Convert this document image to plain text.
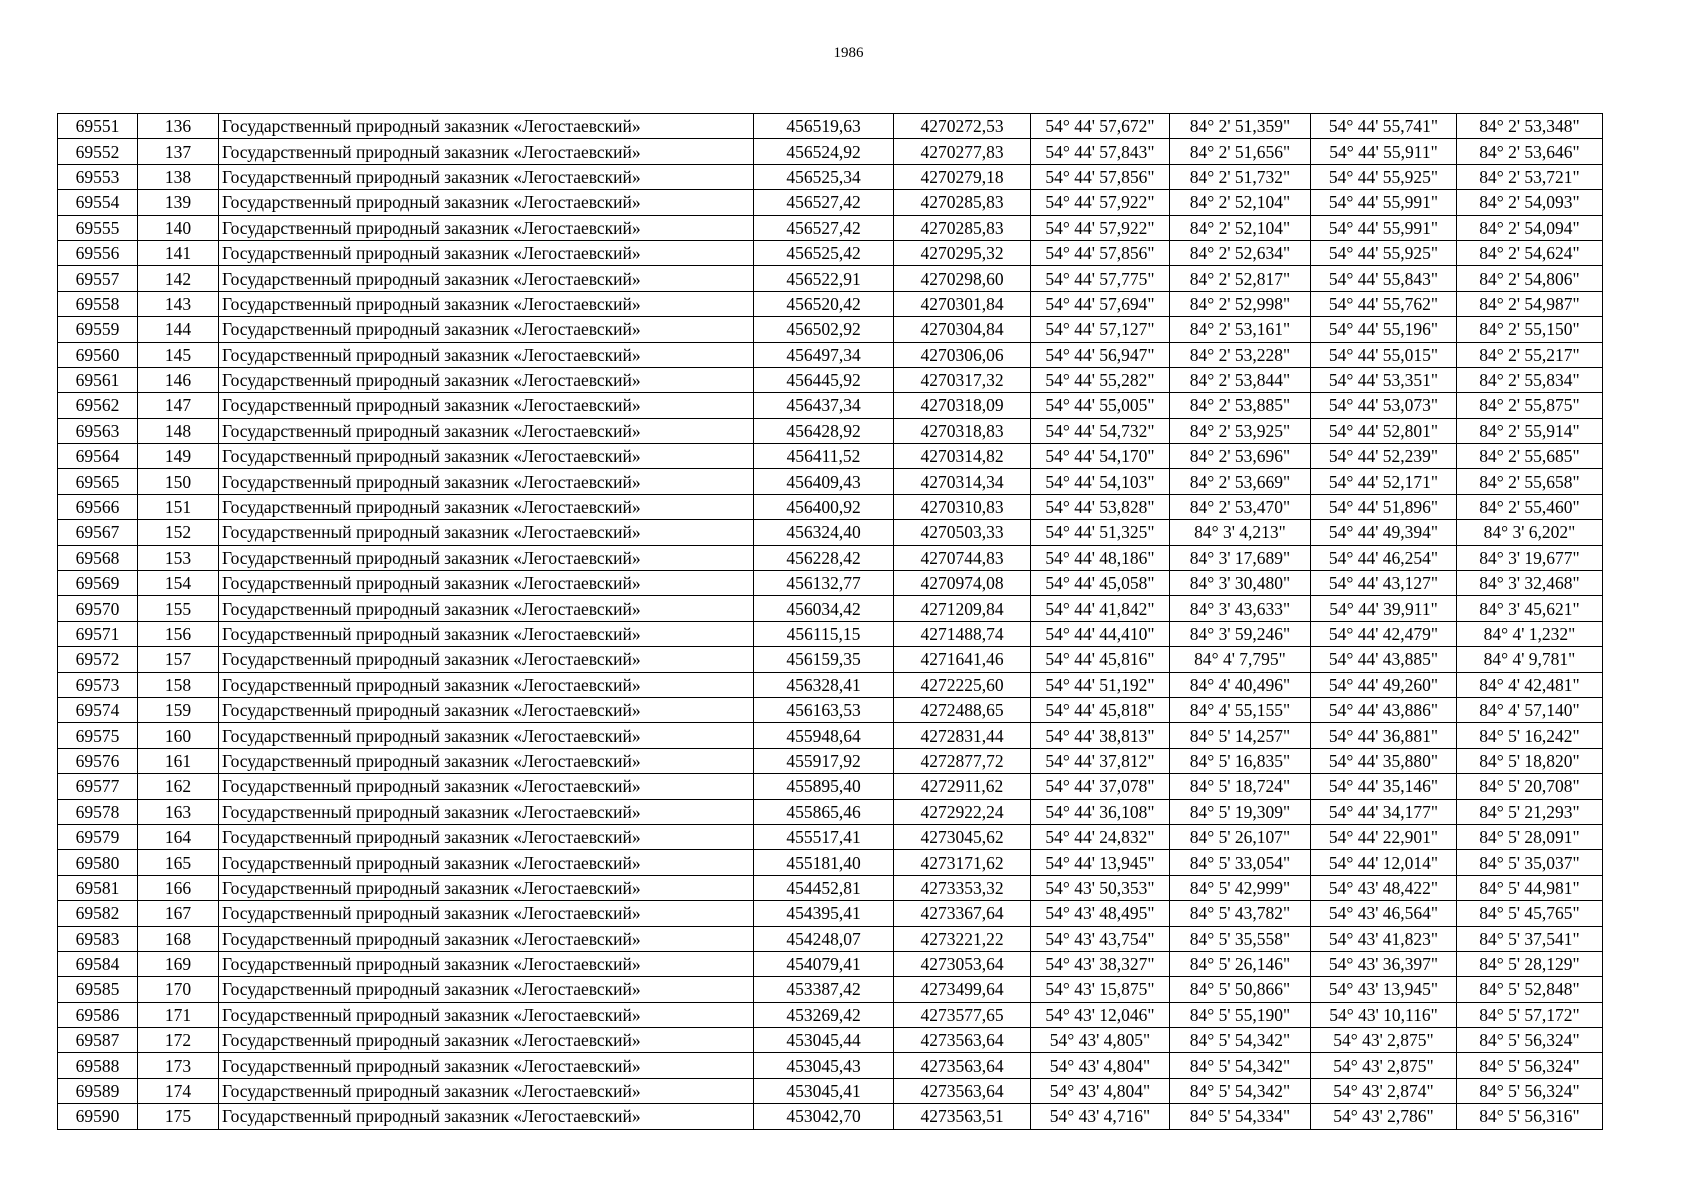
1986
69551	136	Государственный природный заказник «Легостаевский»	456519,63	4270272,53	54° 44' 57,672"	84° 2' 51,359"	54° 44' 55,741"	84° 2' 53,348"
69552	137	Государственный природный заказник «Легостаевский»	456524,92	4270277,83	54° 44' 57,843"	84° 2' 51,656"	54° 44' 55,911"	84° 2' 53,646"
69553	138	Государственный природный заказник «Легостаевский»	456525,34	4270279,18	54° 44' 57,856"	84° 2' 51,732"	54° 44' 55,925"	84° 2' 53,721"
69554	139	Государственный природный заказник «Легостаевский»	456527,42	4270285,83	54° 44' 57,922"	84° 2' 52,104"	54° 44' 55,991"	84° 2' 54,093"
69555	140	Государственный природный заказник «Легостаевский»	456527,42	4270285,83	54° 44' 57,922"	84° 2' 52,104"	54° 44' 55,991"	84° 2' 54,094"
69556	141	Государственный природный заказник «Легостаевский»	456525,42	4270295,32	54° 44' 57,856"	84° 2' 52,634"	54° 44' 55,925"	84° 2' 54,624"
69557	142	Государственный природный заказник «Легостаевский»	456522,91	4270298,60	54° 44' 57,775"	84° 2' 52,817"	54° 44' 55,843"	84° 2' 54,806"
69558	143	Государственный природный заказник «Легостаевский»	456520,42	4270301,84	54° 44' 57,694"	84° 2' 52,998"	54° 44' 55,762"	84° 2' 54,987"
69559	144	Государственный природный заказник «Легостаевский»	456502,92	4270304,84	54° 44' 57,127"	84° 2' 53,161"	54° 44' 55,196"	84° 2' 55,150"
69560	145	Государственный природный заказник «Легостаевский»	456497,34	4270306,06	54° 44' 56,947"	84° 2' 53,228"	54° 44' 55,015"	84° 2' 55,217"
69561	146	Государственный природный заказник «Легостаевский»	456445,92	4270317,32	54° 44' 55,282"	84° 2' 53,844"	54° 44' 53,351"	84° 2' 55,834"
69562	147	Государственный природный заказник «Легостаевский»	456437,34	4270318,09	54° 44' 55,005"	84° 2' 53,885"	54° 44' 53,073"	84° 2' 55,875"
69563	148	Государственный природный заказник «Легостаевский»	456428,92	4270318,83	54° 44' 54,732"	84° 2' 53,925"	54° 44' 52,801"	84° 2' 55,914"
69564	149	Государственный природный заказник «Легостаевский»	456411,52	4270314,82	54° 44' 54,170"	84° 2' 53,696"	54° 44' 52,239"	84° 2' 55,685"
69565	150	Государственный природный заказник «Легостаевский»	456409,43	4270314,34	54° 44' 54,103"	84° 2' 53,669"	54° 44' 52,171"	84° 2' 55,658"
69566	151	Государственный природный заказник «Легостаевский»	456400,92	4270310,83	54° 44' 53,828"	84° 2' 53,470"	54° 44' 51,896"	84° 2' 55,460"
69567	152	Государственный природный заказник «Легостаевский»	456324,40	4270503,33	54° 44' 51,325"	84° 3' 4,213"	54° 44' 49,394"	84° 3' 6,202"
69568	153	Государственный природный заказник «Легостаевский»	456228,42	4270744,83	54° 44' 48,186"	84° 3' 17,689"	54° 44' 46,254"	84° 3' 19,677"
69569	154	Государственный природный заказник «Легостаевский»	456132,77	4270974,08	54° 44' 45,058"	84° 3' 30,480"	54° 44' 43,127"	84° 3' 32,468"
69570	155	Государственный природный заказник «Легостаевский»	456034,42	4271209,84	54° 44' 41,842"	84° 3' 43,633"	54° 44' 39,911"	84° 3' 45,621"
69571	156	Государственный природный заказник «Легостаевский»	456115,15	4271488,74	54° 44' 44,410"	84° 3' 59,246"	54° 44' 42,479"	84° 4' 1,232"
69572	157	Государственный природный заказник «Легостаевский»	456159,35	4271641,46	54° 44' 45,816"	84° 4' 7,795"	54° 44' 43,885"	84° 4' 9,781"
69573	158	Государственный природный заказник «Легостаевский»	456328,41	4272225,60	54° 44' 51,192"	84° 4' 40,496"	54° 44' 49,260"	84° 4' 42,481"
69574	159	Государственный природный заказник «Легостаевский»	456163,53	4272488,65	54° 44' 45,818"	84° 4' 55,155"	54° 44' 43,886"	84° 4' 57,140"
69575	160	Государственный природный заказник «Легостаевский»	455948,64	4272831,44	54° 44' 38,813"	84° 5' 14,257"	54° 44' 36,881"	84° 5' 16,242"
69576	161	Государственный природный заказник «Легостаевский»	455917,92	4272877,72	54° 44' 37,812"	84° 5' 16,835"	54° 44' 35,880"	84° 5' 18,820"
69577	162	Государственный природный заказник «Легостаевский»	455895,40	4272911,62	54° 44' 37,078"	84° 5' 18,724"	54° 44' 35,146"	84° 5' 20,708"
69578	163	Государственный природный заказник «Легостаевский»	455865,46	4272922,24	54° 44' 36,108"	84° 5' 19,309"	54° 44' 34,177"	84° 5' 21,293"
69579	164	Государственный природный заказник «Легостаевский»	455517,41	4273045,62	54° 44' 24,832"	84° 5' 26,107"	54° 44' 22,901"	84° 5' 28,091"
69580	165	Государственный природный заказник «Легостаевский»	455181,40	4273171,62	54° 44' 13,945"	84° 5' 33,054"	54° 44' 12,014"	84° 5' 35,037"
69581	166	Государственный природный заказник «Легостаевский»	454452,81	4273353,32	54° 43' 50,353"	84° 5' 42,999"	54° 43' 48,422"	84° 5' 44,981"
69582	167	Государственный природный заказник «Легостаевский»	454395,41	4273367,64	54° 43' 48,495"	84° 5' 43,782"	54° 43' 46,564"	84° 5' 45,765"
69583	168	Государственный природный заказник «Легостаевский»	454248,07	4273221,22	54° 43' 43,754"	84° 5' 35,558"	54° 43' 41,823"	84° 5' 37,541"
69584	169	Государственный природный заказник «Легостаевский»	454079,41	4273053,64	54° 43' 38,327"	84° 5' 26,146"	54° 43' 36,397"	84° 5' 28,129"
69585	170	Государственный природный заказник «Легостаевский»	453387,42	4273499,64	54° 43' 15,875"	84° 5' 50,866"	54° 43' 13,945"	84° 5' 52,848"
69586	171	Государственный природный заказник «Легостаевский»	453269,42	4273577,65	54° 43' 12,046"	84° 5' 55,190"	54° 43' 10,116"	84° 5' 57,172"
69587	172	Государственный природный заказник «Легостаевский»	453045,44	4273563,64	54° 43' 4,805"	84° 5' 54,342"	54° 43' 2,875"	84° 5' 56,324"
69588	173	Государственный природный заказник «Легостаевский»	453045,43	4273563,64	54° 43' 4,804"	84° 5' 54,342"	54° 43' 2,875"	84° 5' 56,324"
69589	174	Государственный природный заказник «Легостаевский»	453045,41	4273563,64	54° 43' 4,804"	84° 5' 54,342"	54° 43' 2,874"	84° 5' 56,324"
69590	175	Государственный природный заказник «Легостаевский»	453042,70	4273563,51	54° 43' 4,716"	84° 5' 54,334"	54° 43' 2,786"	84° 5' 56,316"
